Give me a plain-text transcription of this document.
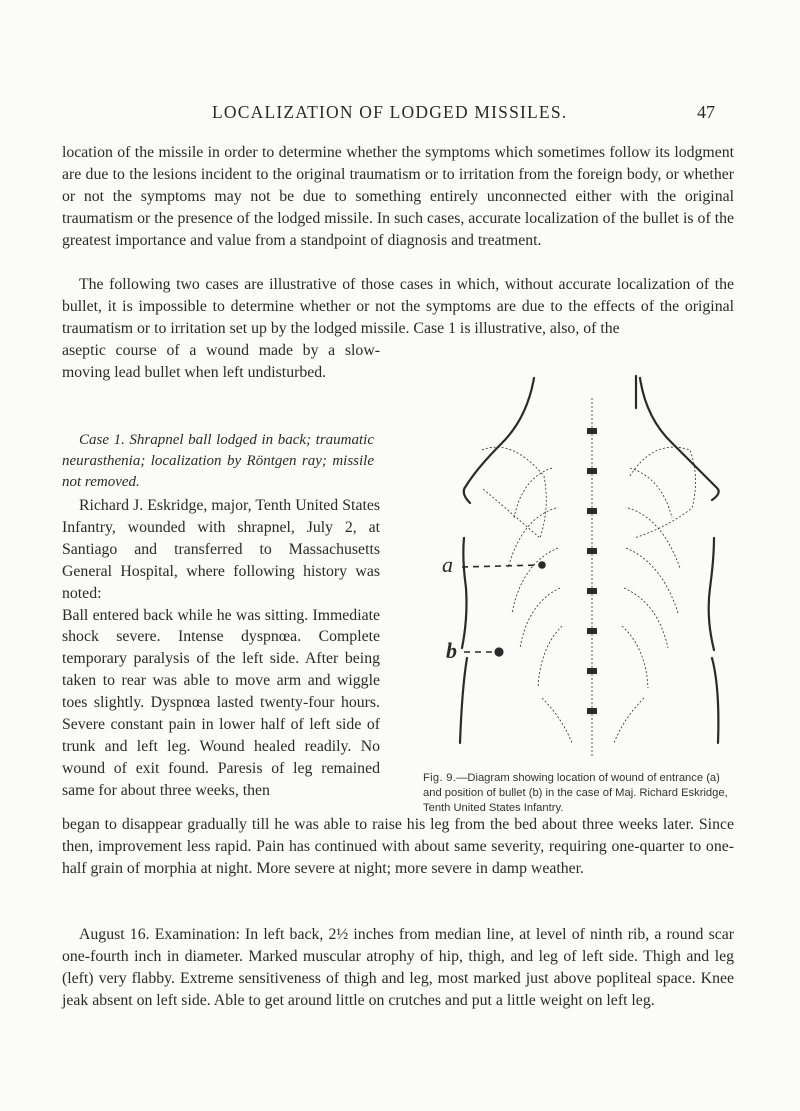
LOCALIZATION OF LODGED MISSILES.	47

location of the missile in order to determine whether the symptoms which sometimes follow its lodgment are due to the lesions incident to the original traumatism or to irritation from the foreign body, or whether or not the symptoms may not be due to something entirely unconnected either with the original traumatism or the presence of the lodged missile. In such cases, accurate localization of the bullet is of the greatest importance and value from a standpoint of diagnosis and treatment.

The following two cases are illustrative of those cases in which, without accurate localization of the bullet, it is impossible to determine whether or not the symptoms are due to the effects of the original traumatism or to irritation set up by the lodged missile. Case 1 is illustrative, also, of the

aseptic course of a wound made by a slow-moving lead bullet when left undisturbed.

Case 1. Shrapnel ball lodged in back; traumatic neurasthenia; localization by Röntgen ray; missile not removed.

Richard J. Eskridge, major, Tenth United States Infantry, wounded with shrapnel, July 2, at Santiago and transferred to Massachusetts General Hospital, where following history was noted:
Ball entered back while he was sitting. Immediate shock severe. Intense dyspnœa. Complete temporary paralysis of the left side. After being taken to rear was able to move arm and wiggle toes slightly. Dyspnœa lasted twenty-four hours. Severe constant pain in lower half of left side of trunk and left leg. Wound healed readily. No wound of exit found. Paresis of leg remained same for about three weeks, then

began to disappear gradually till he was able to raise his leg from the bed about three weeks later. Since then, improvement less rapid. Pain has continued with about same severity, requiring one-quarter to one-half grain of morphia at night. More severe at night; more severe in damp weather.

August 16. Examination: In left back, 2½ inches from median line, at level of ninth rib, a round scar one-fourth inch in diameter. Marked muscular atrophy of hip, thigh, and leg of left side. Thigh and leg (left) very flabby. Extreme sensitiveness of thigh and leg, most marked just above popliteal space. Knee jeak absent on left side. Able to get around little on crutches and put a little weight on left leg.

a
b
Fig. 9.—Diagram showing location of wound of entrance (a) and position of bullet (b) in the case of Maj. Richard Eskridge, Tenth United States Infantry.
